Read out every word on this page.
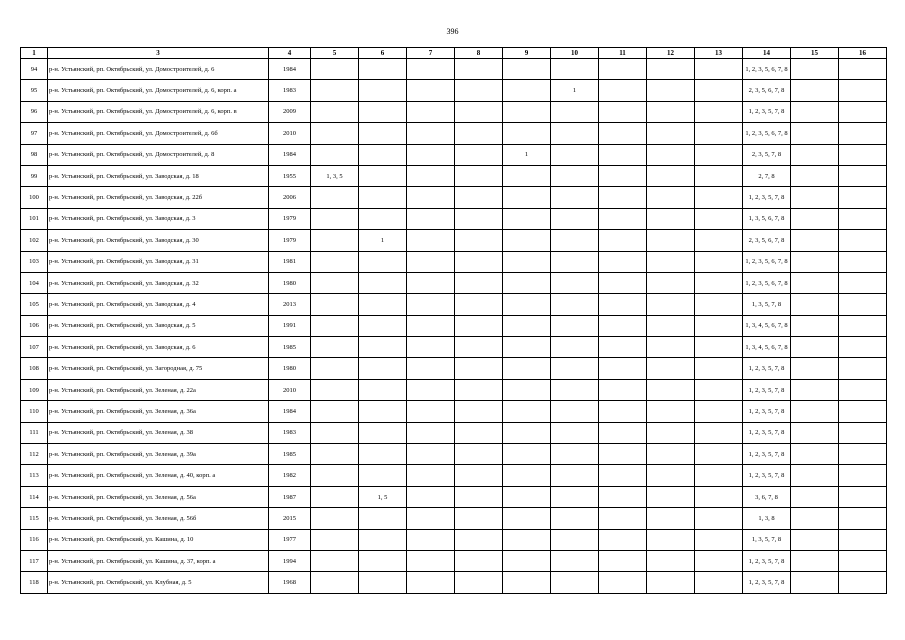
396
1	3	4	5	6	7	8	9	10	11	12	13	14	15	16
94	р-н. Устьянский, рп. Октябрьский, ул. Домостроителей, д. 6	1984										1, 2, 3, 5, 6, 7, 8		
95	р-н. Устьянский, рп. Октябрьский, ул. Домостроителей, д. 6, корп. а	1983						1				2, 3, 5, 6, 7, 8		
96	р-н. Устьянский, рп. Октябрьский, ул. Домостроителей, д. 6, корп. в	2009										1, 2, 3, 5, 7, 8		
97	р-н. Устьянский, рп. Октябрьский, ул. Домостроителей, д. 6б	2010										1, 2, 3, 5, 6, 7, 8		
98	р-н. Устьянский, рп. Октябрьский, ул. Домостроителей, д. 8	1984					1					2, 3, 5, 7, 8		
99	р-н. Устьянский, рп. Октябрьский, ул. Заводская, д. 18	1955	1, 3, 5									2, 7, 8		
100	р-н. Устьянский, рп. Октябрьский, ул. Заводская, д. 22б	2006										1, 2, 3, 5, 7, 8		
101	р-н. Устьянский, рп. Октябрьский, ул. Заводская, д. 3	1979										1, 3, 5, 6, 7, 8		
102	р-н. Устьянский, рп. Октябрьский, ул. Заводская, д. 30	1979		1								2, 3, 5, 6, 7, 8		
103	р-н. Устьянский, рп. Октябрьский, ул. Заводская, д. 31	1981										1, 2, 3, 5, 6, 7, 8		
104	р-н. Устьянский, рп. Октябрьский, ул. Заводская, д. 32	1980										1, 2, 3, 5, 6, 7, 8		
105	р-н. Устьянский, рп. Октябрьский, ул. Заводская, д. 4	2013										1, 3, 5, 7, 8		
106	р-н. Устьянский, рп. Октябрьский, ул. Заводская, д. 5	1991										1, 3, 4, 5, 6, 7, 8		
107	р-н. Устьянский, рп. Октябрьский, ул. Заводская, д. 6	1985										1, 3, 4, 5, 6, 7, 8		
108	р-н. Устьянский, рп. Октябрьский, ул. Загородная, д. 75	1980										1, 2, 3, 5, 7, 8		
109	р-н. Устьянский, рп. Октябрьский, ул. Зеленая, д. 22а	2010										1, 2, 3, 5, 7, 8		
110	р-н. Устьянский, рп. Октябрьский, ул. Зеленая, д. 36а	1984										1, 2, 3, 5, 7, 8		
111	р-н. Устьянский, рп. Октябрьский, ул. Зеленая, д. 38	1983										1, 2, 3, 5, 7, 8		
112	р-н. Устьянский, рп. Октябрьский, ул. Зеленая, д. 39а	1985										1, 2, 3, 5, 7, 8		
113	р-н. Устьянский, рп. Октябрьский, ул. Зеленая, д. 40, корп. а	1982										1, 2, 3, 5, 7, 8		
114	р-н. Устьянский, рп. Октябрьский, ул. Зеленая, д. 56а	1987		1, 5								3, 6, 7, 8		
115	р-н. Устьянский, рп. Октябрьский, ул. Зеленая, д. 56б	2015										1, 3, 8		
116	р-н. Устьянский, рп. Октябрьский, ул. Кашина, д. 10	1977										1, 3, 5, 7, 8		
117	р-н. Устьянский, рп. Октябрьский, ул. Кашина, д. 37, корп. а	1994										1, 2, 3, 5, 7, 8		
118	р-н. Устьянский, рп. Октябрьский, ул. Клубная, д. 5	1968										1, 2, 3, 5, 7, 8		
